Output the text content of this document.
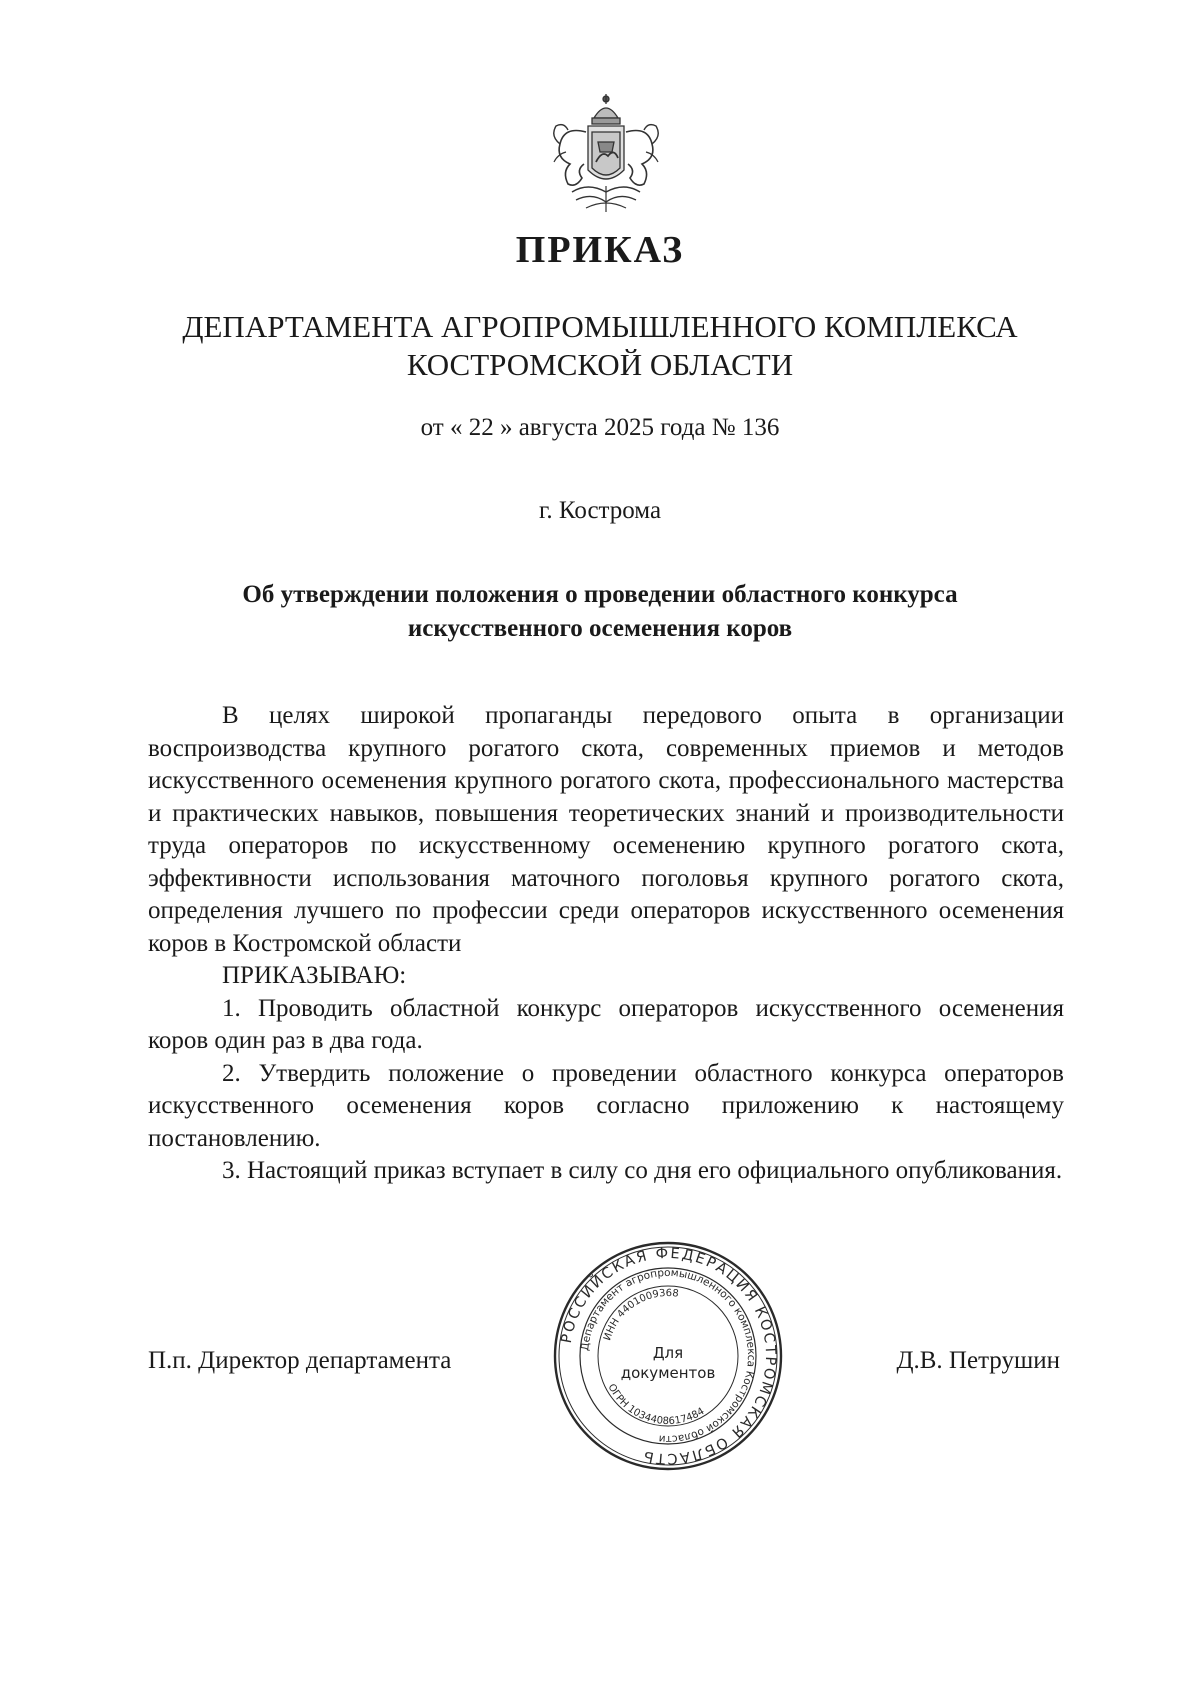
ПРИКАЗ
ДЕПАРТАМЕНТА АГРОПРОМЫШЛЕННОГО КОМПЛЕКСА
КОСТРОМСКОЙ ОБЛАСТИ
от « 22 » августа 2025 года № 136
г. Кострома
Об утверждении положения о проведении областного конкурса
искусственного осеменения коров

В целях широкой пропаганды передового опыта в организации воспроизводства крупного рогатого скота, современных приемов и методов искусственного осеменения крупного рогатого скота, профессионального мастерства и практических навыков, повышения теоретических знаний и производительности труда операторов по искусственному осеменению крупного рогатого скота, эффективности использования маточного поголовья крупного рогатого скота, определения лучшего по профессии среди операторов искусственного осеменения коров в Костромской области

ПРИКАЗЫВАЮ:

1. Проводить областной конкурс операторов искусственного осеменения коров один раз в два года.

2. Утвердить положение о проведении областного конкурса операторов искусственного осеменения коров согласно приложению к настоящему постановлению.

3. Настоящий приказ вступает в силу со дня его официального опубликования.

П.п. Директор департамента	Д.В. Петрушин
РОССИЙСКАЯ ФЕДЕРАЦИЯ КОСТРОМСКАЯ ОБЛАСТЬ
Департамент агропромышленного комплекса Костромской области
ИНН 4401009368
ОГРН 1034408617484
Для
документов
